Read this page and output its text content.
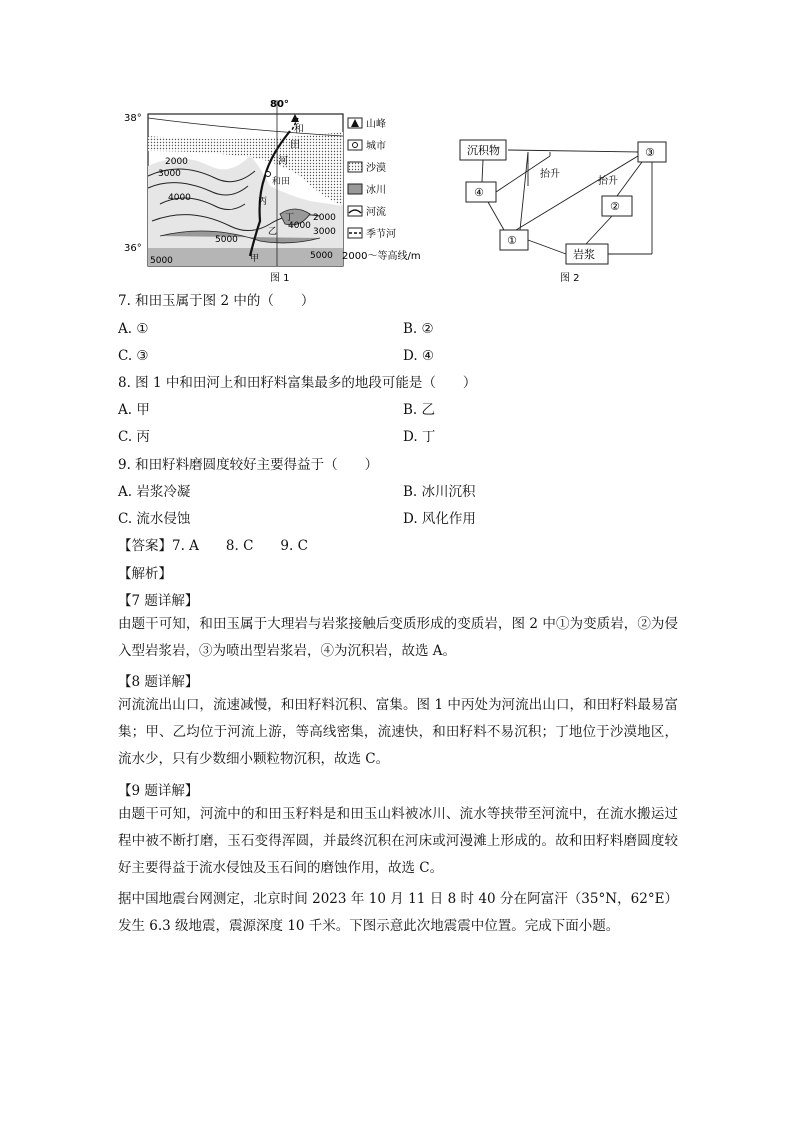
80°
38°
36°
和
田
河
和田
丙
乙
甲
丁
2000
3000
4000
5000
2000
3000
4000
5000
5000
图 1
山峰
城市
沙漠
冰川
河流
季节河
2000〜等高线/m
沉积物	③
④
②
①
岩浆
抬升
抬升
图 2
7. 和田玉属于图 2 中的（　　）
A. ①	B. ②
C. ③	D. ④
8. 图 1 中和田河上和田籽料富集最多的地段可能是（　　）
A. 甲	B. 乙
C. 丙	D. 丁
9. 和田籽料磨圆度较好主要得益于（　　）
A. 岩浆冷凝	B. 冰川沉积
C. 流水侵蚀	D. 风化作用
【答案】7. A　　8. C　　9. C
【解析】
【7 题详解】
由题干可知，和田玉属于大理岩与岩浆接触后变质形成的变质岩，图 2 中①为变质岩，②为侵入型岩浆岩，③为喷出型岩浆岩，④为沉积岩，故选 A。
【8 题详解】
河流流出山口，流速减慢，和田籽料沉积、富集。图 1 中丙处为河流出山口，和田籽料最易富集；甲、乙均位于河流上游，等高线密集，流速快，和田籽料不易沉积；丁地位于沙漠地区，流水少，只有少数细小颗粒物沉积，故选 C。
【9 题详解】
由题干可知，河流中的和田玉籽料是和田玉山料被冰川、流水等挟带至河流中，在流水搬运过程中被不断打磨，玉石变得浑圆，并最终沉积在河床或河漫滩上形成的。故和田籽料磨圆度较好主要得益于流水侵蚀及玉石间的磨蚀作用，故选 C。
据中国地震台网测定，北京时间 2023 年 10 月 11 日 8 时 40 分在阿富汗（35°N，62°E）发生 6.3 级地震，震源深度 10 千米。下图示意此次地震震中位置。完成下面小题。
